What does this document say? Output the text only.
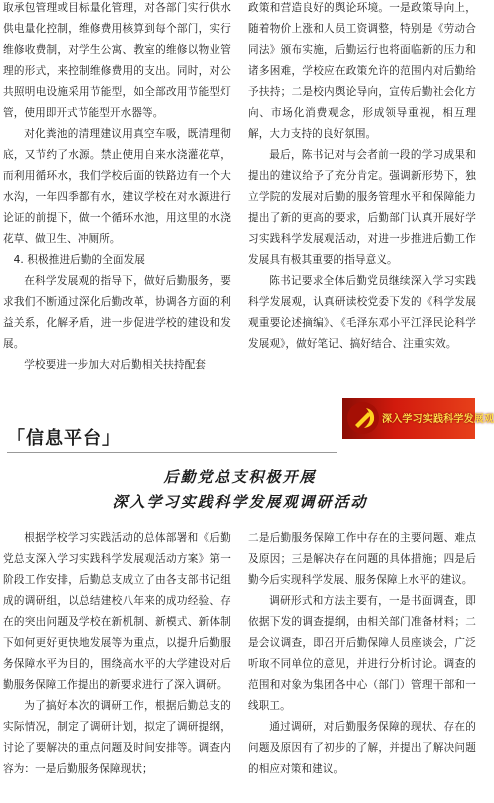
取承包管理或目标量化管理，对各部门实行供水供电量化控制，维修费用核算到每个部门，实行维修收费制，对学生公寓、教室的维修以物业管理的形式，来控制维修费用的支出。同时，对公共照明电设施采用节能型，如全部改用节能型灯管，使用即开式节能型开水器等。

对化粪池的清理建议用真空车吸，既清理彻底，又节约了水源。禁止使用自来水浇灌花草，而利用循环水，我们学校后面的铁路边有一个大水沟，一年四季都有水，建议学校在对水源进行论证的前提下，做一个循环水池，用这里的水浇花草、做卫生、冲厕所。

4. 积极推进后勤的全面发展

在科学发展观的指导下，做好后勤服务，要求我们不断通过深化后勤改革，协调各方面的利益关系，化解矛盾，进一步促进学校的建设和发展。

学校要进一步加大对后勤相关扶持配套

政策和营造良好的舆论环境。一是政策导向上，随着物价上涨和人员工资调整，特别是《劳动合同法》颁布实施，后勤运行也将面临新的压力和诸多困难，学校应在政策允许的范围内对后勤给予扶持；二是校内舆论导向，宣传后勤社会化方向、市场化消费观念，形成领导重视，相互理解，大力支持的良好氛围。

最后，陈书记对与会者前一段的学习成果和提出的建议给予了充分肯定。强调新形势下，独立学院的发展对后勤的服务管理水平和保障能力提出了新的更高的要求，后勤部门认真开展好学习实践科学发展观活动，对进一步推进后勤工作发展具有极其重要的指导意义。

陈书记要求全体后勤党员继续深入学习实践科学发展观，认真研读校党委下发的《科学发展观重要论述摘编》、《毛泽东邓小平江泽民论科学发展观》，做好笔记、搞好结合、注重实效。

深入学习实践科学发展观
「信息平台」
后勤党总支积极开展
深入学习实践科学发展观调研活动

根据学校学习实践活动的总体部署和《后勤党总支深入学习实践科学发展观活动方案》第一阶段工作安排，后勤总支成立了由各支部书记组成的调研组，以总结建校八年来的成功经验、存在的突出问题及学校在新机制、新模式、新体制下如何更好更快地发展等为重点，以提升后勤服务保障水平为目的，围绕高水平的大学建设对后勤服务保障工作提出的新要求进行了深入调研。

为了搞好本次的调研工作，根据后勤总支的实际情况，制定了调研计划，拟定了调研提纲，讨论了要解决的重点问题及时间安排等。调查内容为：一是后勤服务保障现状；

二是后勤服务保障工作中存在的主要问题、难点及原因；三是解决存在问题的具体措施；四是后勤今后实现科学发展、服务保障上水平的建议。

调研形式和方法主要有，一是书面调查，即依据下发的调查提纲，由相关部门准备材料；二是会议调查，即召开后勤保障人员座谈会，广泛听取不同单位的意见，并进行分析讨论。调查的范围和对象为集团各中心（部门）管理干部和一线职工。

通过调研，对后勤服务保障的现状、存在的问题及原因有了初步的了解，并提出了解决问题的相应对策和建议。
